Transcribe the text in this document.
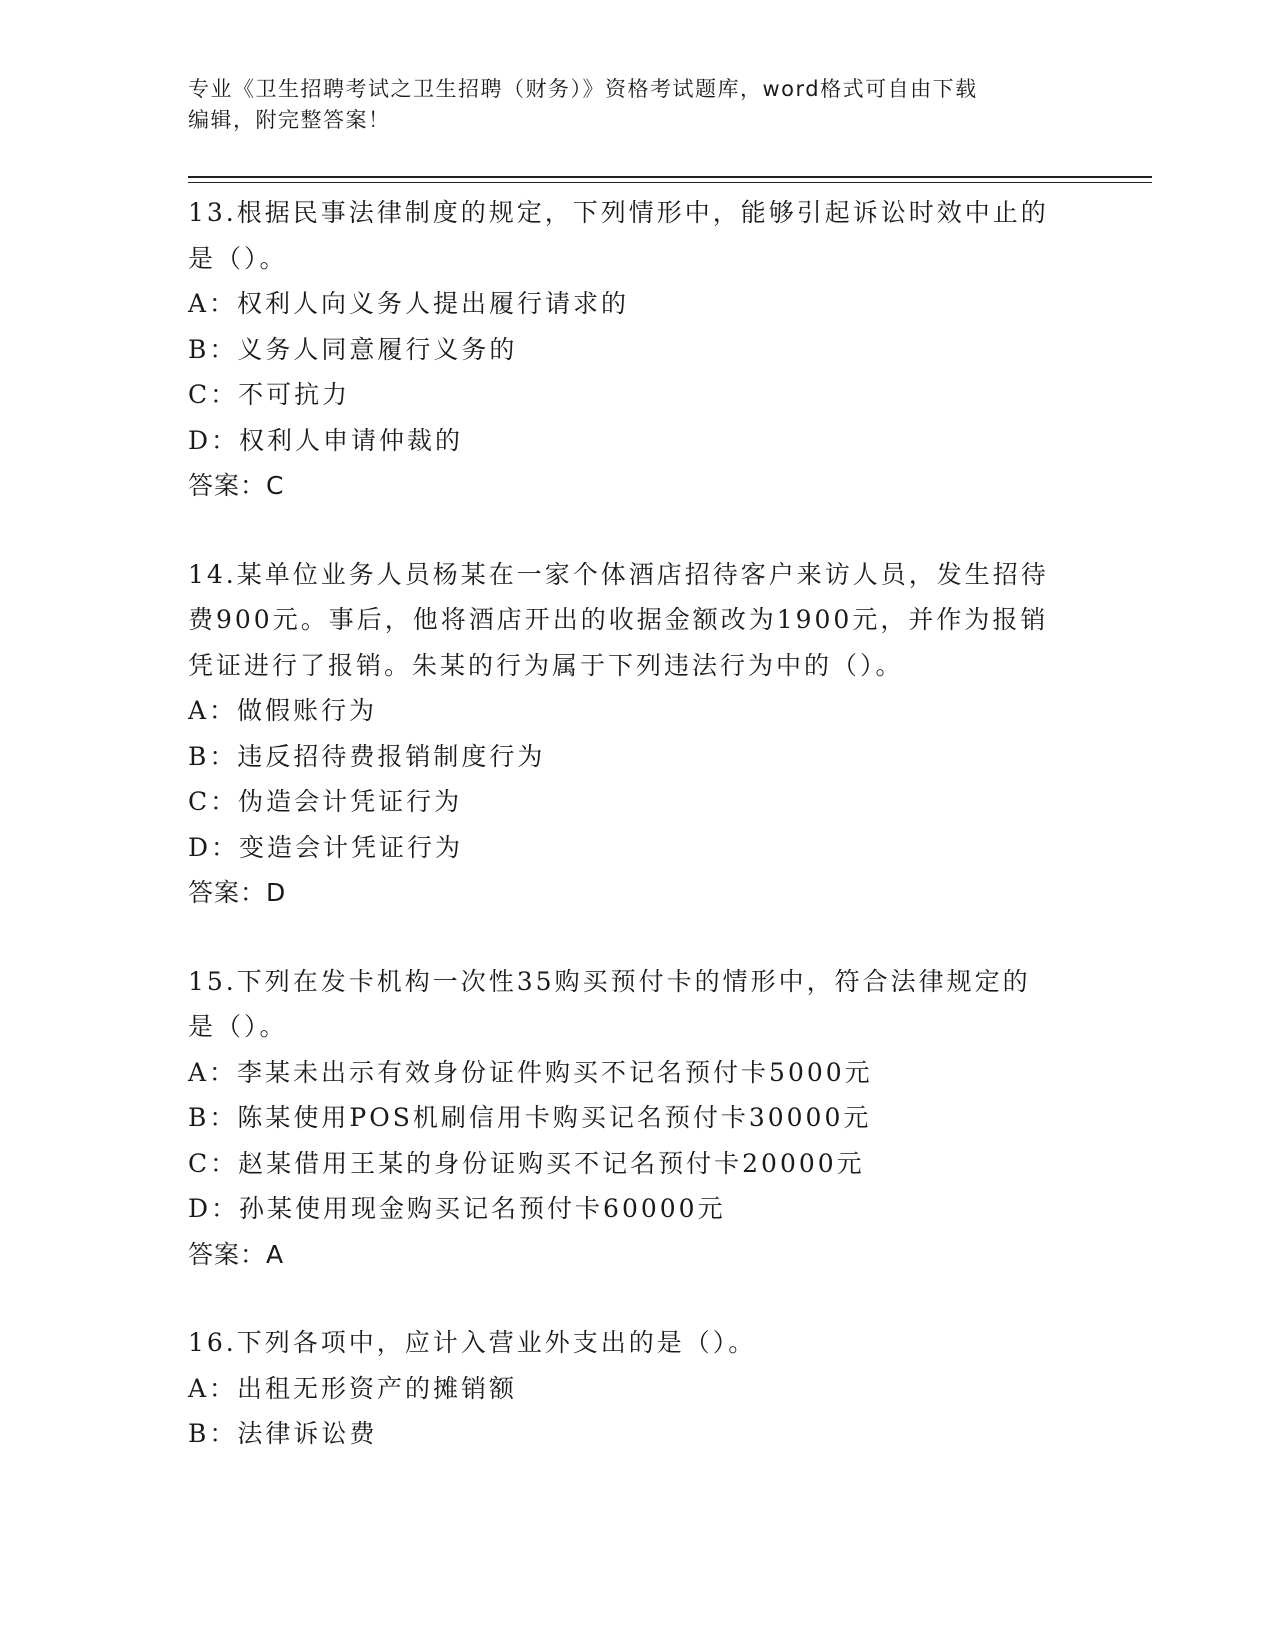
专业《卫生招聘考试之卫生招聘（财务）》资格考试题库，word格式可自由下载
编辑，附完整答案！
13.根据民事法律制度的规定，下列情形中，能够引起诉讼时效中止的
是（）。
A：权利人向义务人提出履行请求的
B：义务人同意履行义务的
C：不可抗力
D：权利人申请仲裁的
答案：C
14.某单位业务人员杨某在一家个体酒店招待客户来访人员，发生招待
费900元。事后，他将酒店开出的收据金额改为1900元，并作为报销
凭证进行了报销。朱某的行为属于下列违法行为中的（）。
A：做假账行为
B：违反招待费报销制度行为
C：伪造会计凭证行为
D：变造会计凭证行为
答案：D
15.下列在发卡机构一次性35购买预付卡的情形中，符合法律规定的
是（）。
A：李某未出示有效身份证件购买不记名预付卡5000元
B：陈某使用POS机刷信用卡购买记名预付卡30000元
C：赵某借用王某的身份证购买不记名预付卡20000元
D：孙某使用现金购买记名预付卡60000元
答案：A
16.下列各项中，应计入营业外支出的是（）。
A：出租无形资产的摊销额
B：法律诉讼费
